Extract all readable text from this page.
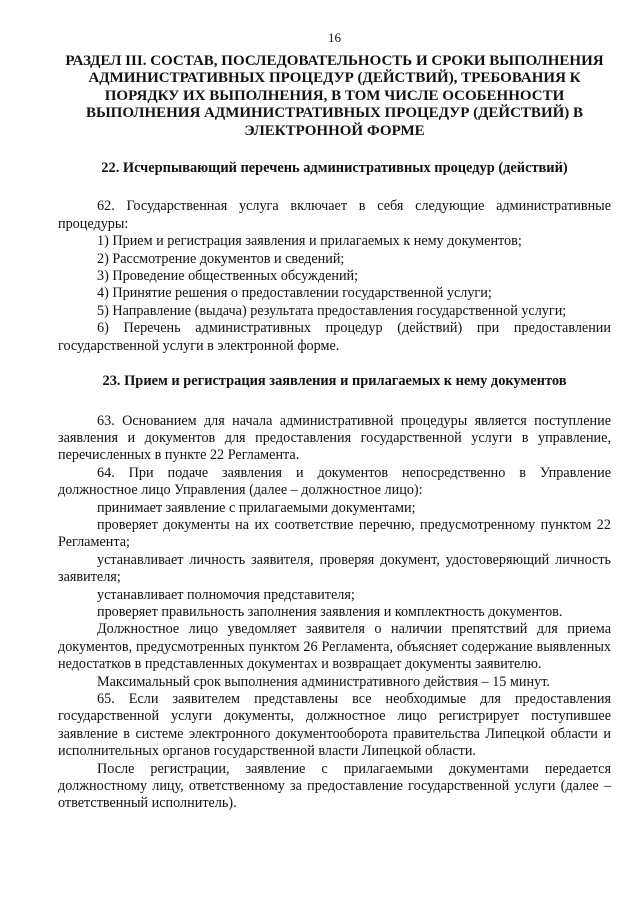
16
РАЗДЕЛ III. СОСТАВ, ПОСЛЕДОВАТЕЛЬНОСТЬ И СРОКИ ВЫПОЛНЕНИЯ АДМИНИСТРАТИВНЫХ ПРОЦЕДУР (ДЕЙСТВИЙ), ТРЕБОВАНИЯ К ПОРЯДКУ ИХ ВЫПОЛНЕНИЯ, В ТОМ ЧИСЛЕ ОСОБЕННОСТИ ВЫПОЛНЕНИЯ АДМИНИСТРАТИВНЫХ ПРОЦЕДУР (ДЕЙСТВИЙ) В ЭЛЕКТРОННОЙ ФОРМЕ
22. Исчерпывающий перечень административных процедур (действий)

62. Государственная услуга включает в себя следующие административные процедуры:

1) Прием и регистрация заявления и прилагаемых к нему документов;

2) Рассмотрение документов и сведений;

3) Проведение общественных обсуждений;

4) Принятие решения о предоставлении государственной услуги;

5) Направление (выдача) результата предоставления государственной услуги;

6) Перечень административных процедур (действий) при предоставлении государственной услуги в электронной форме.

23. Прием и регистрация заявления и прилагаемых к нему документов

63. Основанием для начала административной процедуры является поступление заявления и документов для предоставления государственной услуги в управление, перечисленных в пункте 22 Регламента.

64. При подаче заявления и документов непосредственно в Управление должностное лицо Управления (далее – должностное лицо):

принимает заявление с прилагаемыми документами;

проверяет документы на их соответствие перечню, предусмотренному пунктом 22 Регламента;

устанавливает личность заявителя, проверяя документ, удостоверяющий личность заявителя;

устанавливает полномочия представителя;

проверяет правильность заполнения заявления и комплектность документов.

Должностное лицо уведомляет заявителя о наличии препятствий для приема документов, предусмотренных пунктом 26 Регламента, объясняет содержание выявленных недостатков в представленных документах и возвращает документы заявителю.

Максимальный срок выполнения административного действия – 15 минут.

65. Если заявителем представлены все необходимые для предоставления государственной услуги документы, должностное лицо регистрирует поступившее заявление в системе электронного документооборота правительства Липецкой области и исполнительных органов государственной власти Липецкой области.

После регистрации, заявление с прилагаемыми документами передается должностному лицу, ответственному за предоставление государственной услуги (далее – ответственный исполнитель).
